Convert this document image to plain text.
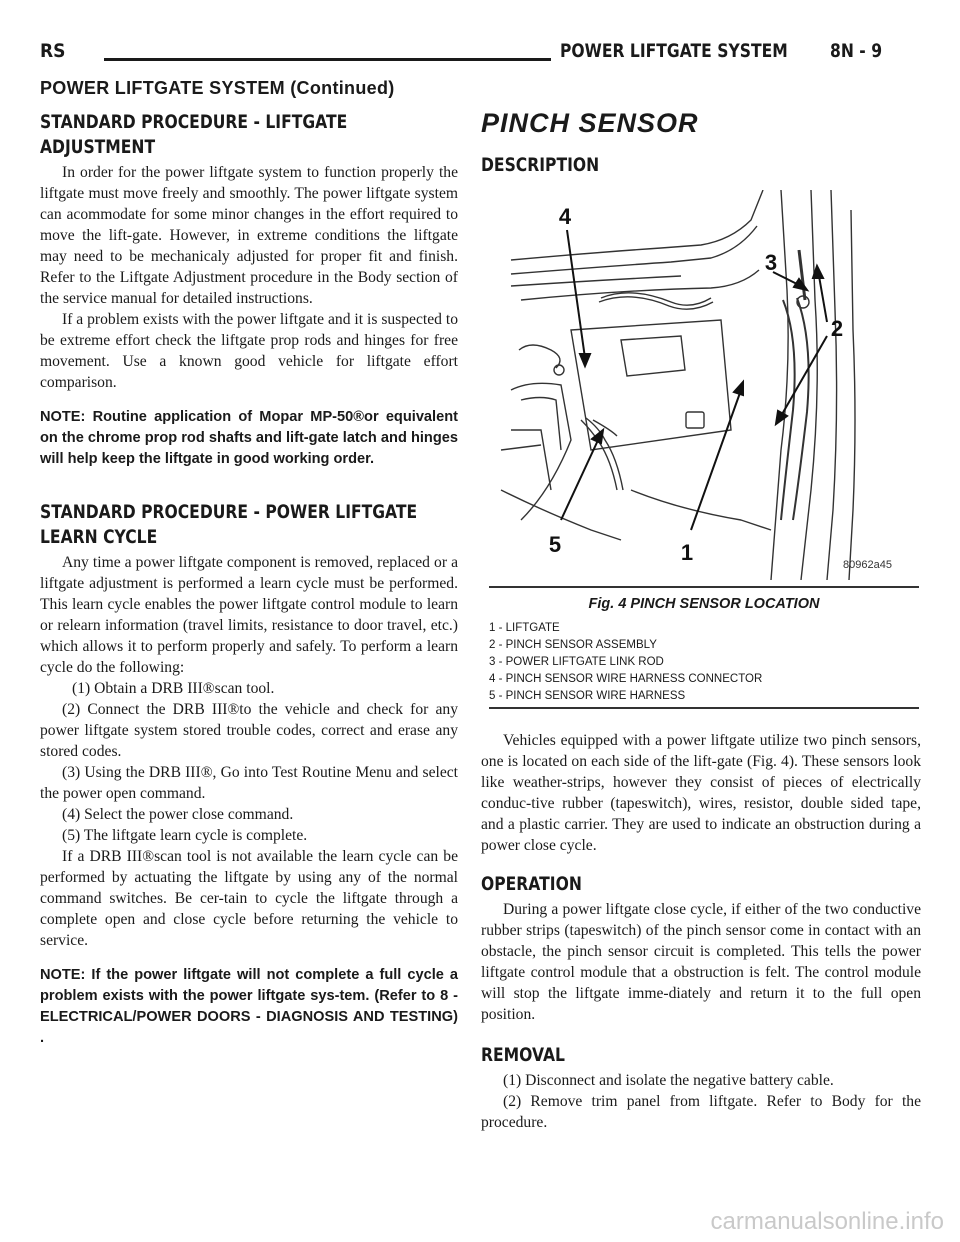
RS	POWER LIFTGATE SYSTEM 8N - 9
POWER LIFTGATE SYSTEM (Continued)
STANDARD PROCEDURE - LIFTGATE
ADJUSTMENT

In order for the power liftgate system to function properly the liftgate must move freely and smoothly. The power liftgate system can acommodate for some minor changes in the effort required to move the lift-gate. However, in extreme conditions the liftgate may need to be mechanicaly adjusted for proper fit and finish. Refer to the Liftgate Adjustment procedure in the Body section of the service manual for detailed instructions.

If a problem exists with the power liftgate and it is suspected to be extreme effort check the liftgate prop rods and hinges for free movement. Use a known good vehicle for liftgate effort comparison.

NOTE: Routine application of Mopar MP-50®or equivalent on the chrome prop rod shafts and lift-gate latch and hinges will help keep the liftgate in good working order.
STANDARD PROCEDURE - POWER LIFTGATE
LEARN CYCLE

Any time a power liftgate component is removed, replaced or a liftgate adjustment is performed a learn cycle must be performed. This learn cycle enables the power liftgate control module to learn or relearn information (travel limits, resistance to door travel, etc.) which allows it to perform properly and safely. To perform a learn cycle do the following:

(1) Obtain a DRB III®scan tool.

(2) Connect the DRB III®to the vehicle and check for any power liftgate system stored trouble codes, correct and erase any stored codes.

(3) Using the DRB III®, Go into Test Routine Menu and select the power open command.

(4) Select the power close command.

(5) The liftgate learn cycle is complete.

If a DRB III®scan tool is not available the learn cycle can be performed by actuating the liftgate by using any of the normal command switches. Be cer-tain to cycle the liftgate through a complete open and close cycle before returning the vehicle to service.

NOTE: If the power liftgate will not complete a full cycle a problem exists with the power liftgate sys-tem. (Refer to 8 - ELECTRICAL/POWER DOORS - DIAGNOSIS AND TESTING) .
PINCH SENSOR
DESCRIPTION
4
3
2
5	1	80962a45
Fig. 4 PINCH SENSOR LOCATION
1 - LIFTGATE
2 - PINCH SENSOR ASSEMBLY
3 - POWER LIFTGATE LINK ROD
4 - PINCH SENSOR WIRE HARNESS CONNECTOR
5 - PINCH SENSOR WIRE HARNESS

Vehicles equipped with a power liftgate utilize two pinch sensors, one is located on each side of the lift-gate (Fig. 4). These sensors look like weather-strips, however they consist of pieces of electrically conduc-tive rubber (tapeswitch), wires, resistor, double sided tape, and a plastic carrier. They are used to indicate an obstruction during a power close cycle.

OPERATION

During a power liftgate close cycle, if either of the two conductive rubber strips (tapeswitch) of the pinch sensor come in contact with an obstacle, the pinch sensor circuit is completed. This tells the power liftgate control module that a obstruction is felt. The control module will stop the liftgate imme-diately and return it to the full open position.

REMOVAL

(1) Disconnect and isolate the negative battery cable.

(2) Remove trim panel from liftgate. Refer to Body for the procedure.

carmanualsonline.info
